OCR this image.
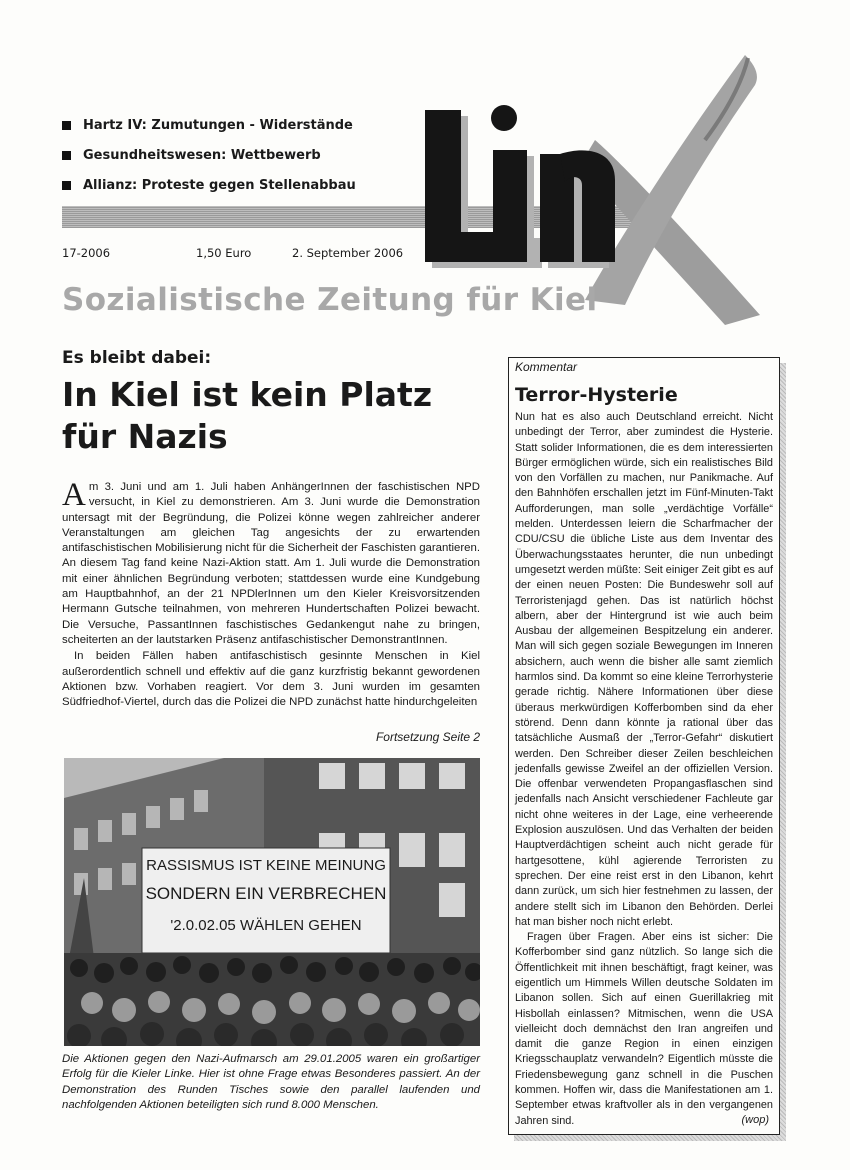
Hartz IV: Zumutungen - Widerstände
Gesundheitswesen: Wettbewerb
Allianz: Proteste gegen Stellenabbau
17-2006	1,50 Euro	2. September 2006
Sozialistische Zeitung für Kiel
Es bleibt dabei:
In Kiel ist kein Platz für Nazis

Am 3. Juni und am 1. Juli haben AnhängerInnen der faschistischen NPD versucht, in Kiel zu demonstrieren. Am 3. Juni wurde die Demonstration untersagt mit der Begründung, die Polizei könne wegen zahlreicher anderer Veranstaltungen am gleichen Tag angesichts der zu erwartenden antifaschistischen Mobilisierung nicht für die Sicherheit der Faschisten garantieren. An diesem Tag fand keine Nazi-Aktion statt. Am 1. Juli wurde die Demonstration mit einer ähnlichen Begründung verboten; stattdessen wurde eine Kundgebung am Hauptbahnhof, an der 21 NPDlerInnen um den Kieler Kreisvorsitzenden Hermann Gutsche teilnahmen, von mehreren Hundertschaften Polizei bewacht. Die Versuche, PassantInnen faschistisches Gedankengut nahe zu bringen, scheiterten an der lautstarken Präsenz antifaschistischer DemonstrantInnen.

In beiden Fällen haben antifaschistisch gesinnte Menschen in Kiel außerordentlich schnell und effektiv auf die ganz kurzfristig bekannt gewordenen Aktionen bzw. Vorhaben reagiert. Vor dem 3. Juni wurden im gesamten Südfriedhof-Viertel, durch das die Polizei die NPD zunächst hatte hindurchgeleiten

Fortsetzung Seite 2
RASSISMUS IST KEINE MEINUNG
SONDERN EIN VERBRECHEN
'2.0.02.05 WÄHLEN GEHEN
Die Aktionen gegen den Nazi-Aufmarsch am 29.01.2005 waren ein großartiger Erfolg für die Kieler Linke. Hier ist ohne Frage etwas Besonderes passiert. An der Demonstration des Runden Tisches sowie den parallel laufenden und nachfolgenden Aktionen beteiligten sich rund 8.000 Menschen.
Kommentar
Terror-Hysterie

Nun hat es also auch Deutschland erreicht. Nicht unbedingt der Terror, aber zumindest die Hysterie. Statt solider Informationen, die es dem interessierten Bürger ermöglichen würde, sich ein realistisches Bild von den Vorfällen zu machen, nur Panikmache. Auf den Bahnhöfen erschallen jetzt im Fünf-Minuten-Takt Aufforderungen, man solle „verdächtige Vorfälle“ melden. Unterdessen leiern die Scharfmacher der CDU/CSU die übliche Liste aus dem Inventar des Überwachungsstaates herunter, die nun unbedingt umgesetzt werden müßte: Seit einiger Zeit gibt es auf der einen neuen Posten: Die Bundeswehr soll auf Terroristenjagd gehen. Das ist natürlich höchst albern, aber der Hintergrund ist wie auch beim Ausbau der allgemeinen Bespitzelung ein anderer. Man will sich gegen soziale Bewegungen im Inneren absichern, auch wenn die bisher alle samt ziemlich harmlos sind. Da kommt so eine kleine Terrorhysterie gerade richtig. Nähere Informationen über diese überaus merkwürdigen Kofferbomben sind da eher störend. Denn dann könnte ja rational über das tatsächliche Ausmaß der „Terror-Gefahr“ diskutiert werden. Den Schreiber dieser Zeilen beschleichen jedenfalls gewisse Zweifel an der offiziellen Version. Die offenbar verwendeten Propangasflaschen sind jedenfalls nach Ansicht verschiedener Fachleute gar nicht ohne weiteres in der Lage, eine verheerende Explosion auszulösen. Und das Verhalten der beiden Hauptverdächtigen scheint auch nicht gerade für hartgesottene, kühl agierende Terroristen zu sprechen. Der eine reist erst in den Libanon, kehrt dann zurück, um sich hier festnehmen zu lassen, der andere stellt sich im Libanon den Behörden. Derlei hat man bisher noch nicht erlebt.

Fragen über Fragen. Aber eins ist sicher: Die Kofferbomber sind ganz nützlich. So lange sich die Öffentlichkeit mit ihnen beschäftigt, fragt keiner, was eigentlich um Himmels Willen deutsche Soldaten im Libanon sollen. Sich auf einen Guerillakrieg mit Hisbollah einlassen? Mitmischen, wenn die USA vielleicht doch demnächst den Iran angreifen und damit die ganze Region in einen einzigen Kriegsschauplatz verwandeln? Eigentlich müsste die Friedensbewegung ganz schnell in die Puschen kommen. Hoffen wir, dass die Manifestationen am 1. September etwas kraftvoller als in den vergangenen Jahren sind.	(wop)
